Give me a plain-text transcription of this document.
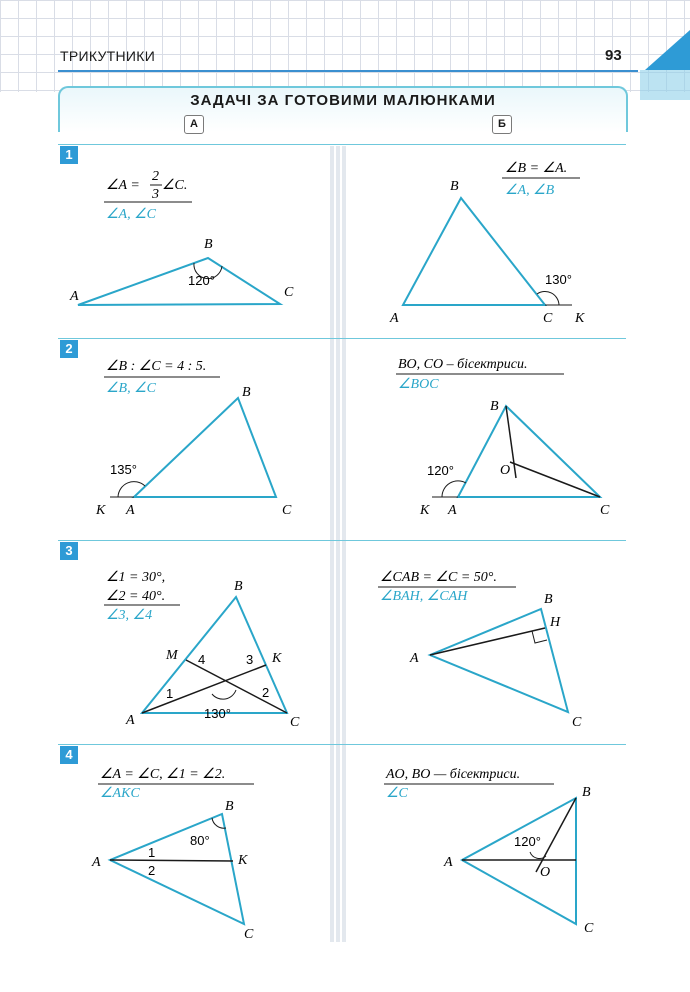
ТРИКУТНИКИ	93
ЗАДАЧІ ЗА ГОТОВИМИ МАЛЮНКАМИ
А	Б
1
2
3
4
∠A =
2
3
∠C.
∠A, ∠C
A
B
C
120°
∠B = ∠A.
∠A, ∠B
A
B
C K
130°
∠B : ∠C = 4 : 5.
∠B, ∠C
K A
B
C
135°
BO, CO – бісектриси.
∠BOC
K A
B
C
O
120°
∠1 = 30°,
∠2 = 40°.
∠3, ∠4
A
B
C
K
M
1	2
3
4
130°
∠CAB = ∠C = 50°.
∠BAH, ∠CAH
A
B
C
H
∠A = ∠C, ∠1 = ∠2.
∠AKC
A
B
C
K
1
2
80°
AO, BO — бісектриси.
∠C
A
B
C
O
120°
